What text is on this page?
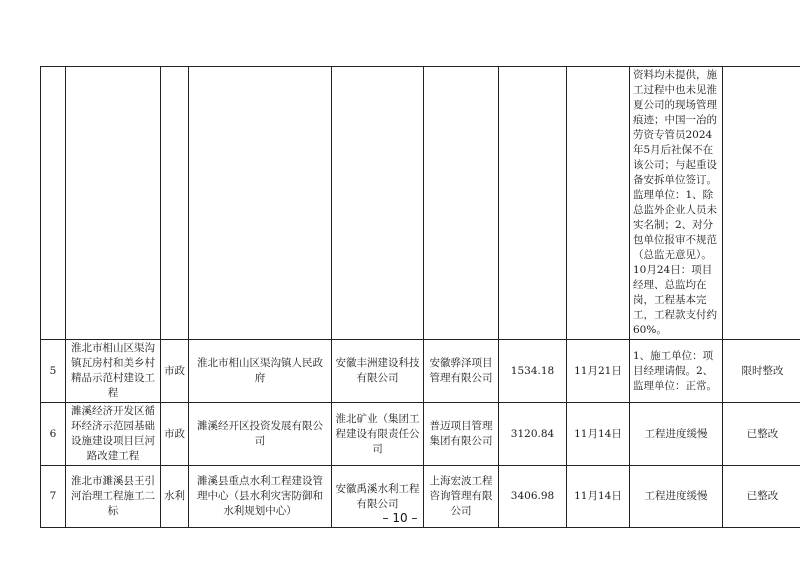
								资料均未提供，施工过程中也未见淮夏公司的现场管理痕迹；中国一冶的劳资专管员2024年5月后社保不在该公司；与起重设备安拆单位签订。监理单位：1、除总监外企业人员未实名制；2、对分包单位报审不规范（总监无意见）。10月24日：项目经理、总监均在岗，工程基本完工，工程款支付约60%。	
5	淮北市相山区渠沟镇瓦房村和美乡村精品示范村建设工程	市政	淮北市相山区渠沟镇人民政府	安徽丰洲建设科技有限公司	安徽骅泽项目管理有限公司	1534.18	11月21日	1、施工单位：项目经理请假。2、监理单位：正常。	限时整改
6	濉溪经济开发区循环经济示范园基础设施建设项目巨河路改建工程	市政	濉溪经开区投资发展有限公司	淮北矿业（集团工程建设有限责任公司	普迈项目管理集团有限公司	3120.84	11月14日	工程进度缓慢	已整改
7	淮北市濉溪县王引河治理工程施工二标	水利	濉溪县重点水利工程建设管理中心（县水利灾害防御和水利规划中心）	安徽禹溪水利工程有限公司	上海宏波工程咨询管理有限公司	3406.98	11月14日	工程进度缓慢	已整改
– 10 –
